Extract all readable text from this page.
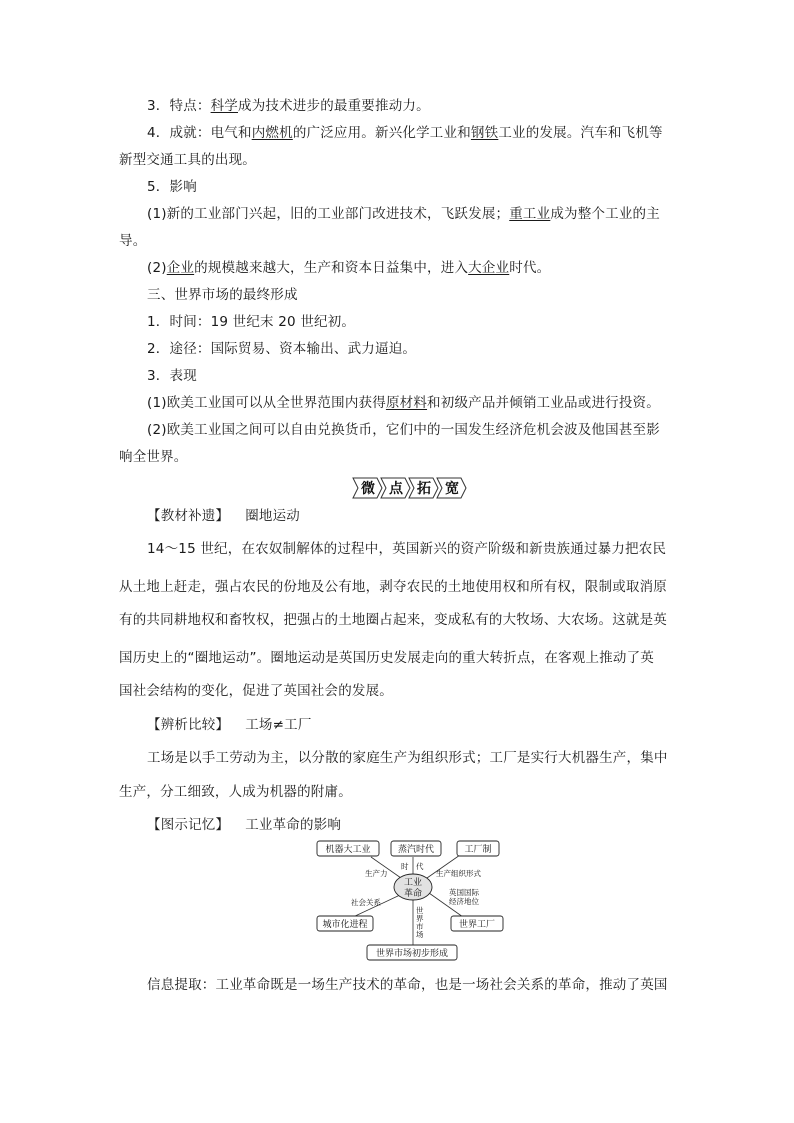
3．特点：科学成为技术进步的最重要推动力。
4．成就：电气和内燃机的广泛应用。新兴化学工业和钢铁工业的发展。汽车和飞机等
新型交通工具的出现。
5．影响
(1)新的工业部门兴起，旧的工业部门改进技术，飞跃发展；重工业成为整个工业的主
导。
(2)企业的规模越来越大，生产和资本日益集中，进入大企业时代。
三、世界市场的最终形成
1．时间：19 世纪末 20 世纪初。
2．途径：国际贸易、资本输出、武力逼迫。
3．表现
(1)欧美工业国可以从全世界范围内获得原材料和初级产品并倾销工业品或进行投资。
(2)欧美工业国之间可以自由兑换货币，它们中的一国发生经济危机会波及他国甚至影
响全世界。
微 点 拓 宽
【教材补遗】 圈地运动
14～15 世纪，在农奴制解体的过程中，英国新兴的资产阶级和新贵族通过暴力把农民
从土地上赶走，强占农民的份地及公有地，剥夺农民的土地使用权和所有权，限制或取消原
有的共同耕地权和畜牧权，把强占的土地圈占起来，变成私有的大牧场、大农场。这就是英
国历史上的“圈地运动”。圈地运动是英国历史发展走向的重大转折点，在客观上推动了英
国社会结构的变化，促进了英国社会的发展。
【辨析比较】 工场≠工厂
工场是以手工劳动为主，以分散的家庭生产为组织形式；工厂是实行大机器生产，集中
生产，分工细致，人成为机器的附庸。
【图示记忆】 工业革命的影响
工业
革命
机器大工业	蒸汽时代	工厂制
城市化进程	世界工厂
世界市场初步形成
时 代
生产力	生产组织形式
社会关系
英国国际
经济地位
世
界
市
场
信息提取：工业革命既是一场生产技术的革命，也是一场社会关系的革命，推动了英国
